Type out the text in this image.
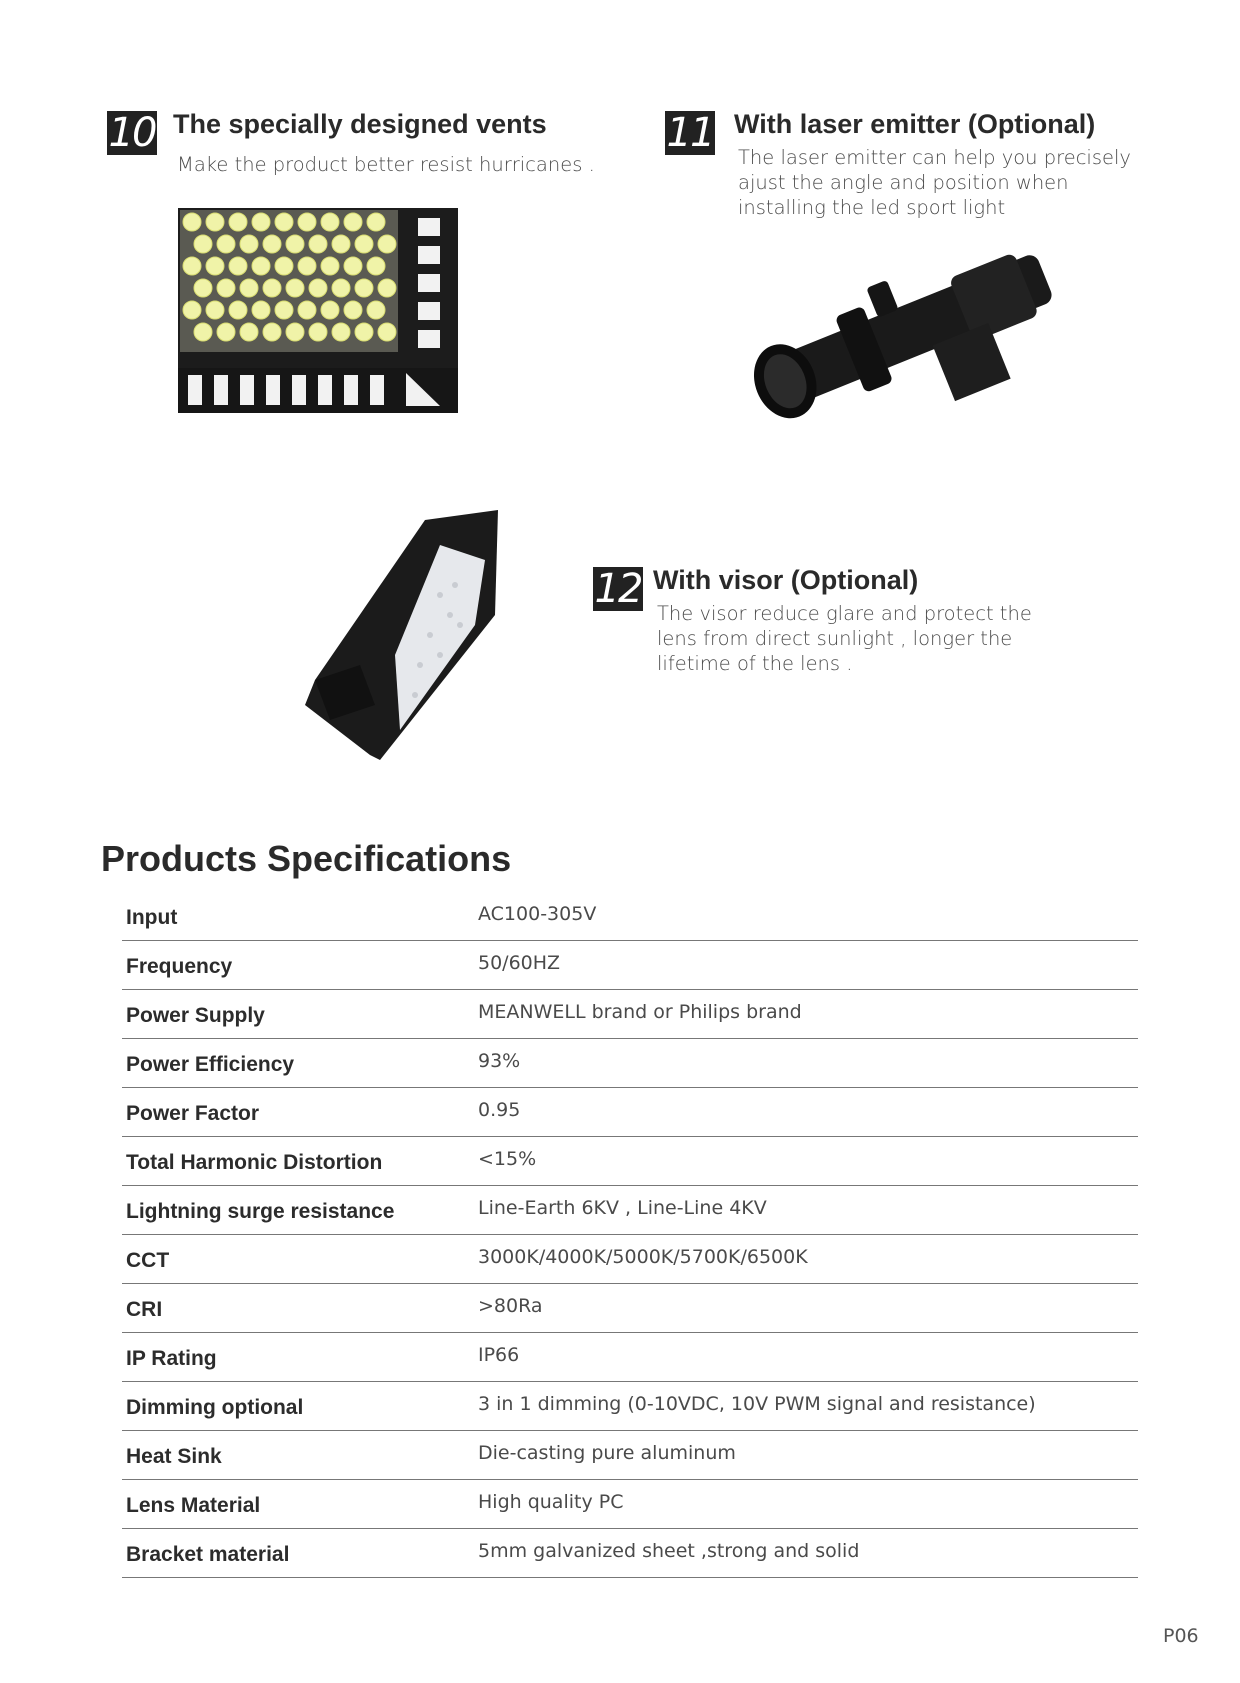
10 The specially designed vents
Make the product better resist hurricanes .
11 With laser emitter (Optional)
The laser emitter can help you precisely ajust the angle and position when installing the led sport light
12 With visor (Optional)
The visor reduce glare and protect the lens from direct sunlight , longer the lifetime of the lens .
Products Specifications
Input	AC100-305V
Frequency	50/60HZ
Power Supply	MEANWELL brand or Philips brand
Power Efficiency	93%
Power Factor	0.95
Total Harmonic Distortion	<15%
Lightning surge resistance	Line-Earth 6KV , Line-Line 4KV
CCT	3000K/4000K/5000K/5700K/6500K
CRI	>80Ra
IP Rating	IP66
Dimming optional	3 in 1 dimming (0-10VDC, 10V PWM signal and resistance)
Heat Sink	Die-casting pure aluminum
Lens Material	High quality PC
Bracket material	5mm galvanized sheet ,strong and solid
P06
